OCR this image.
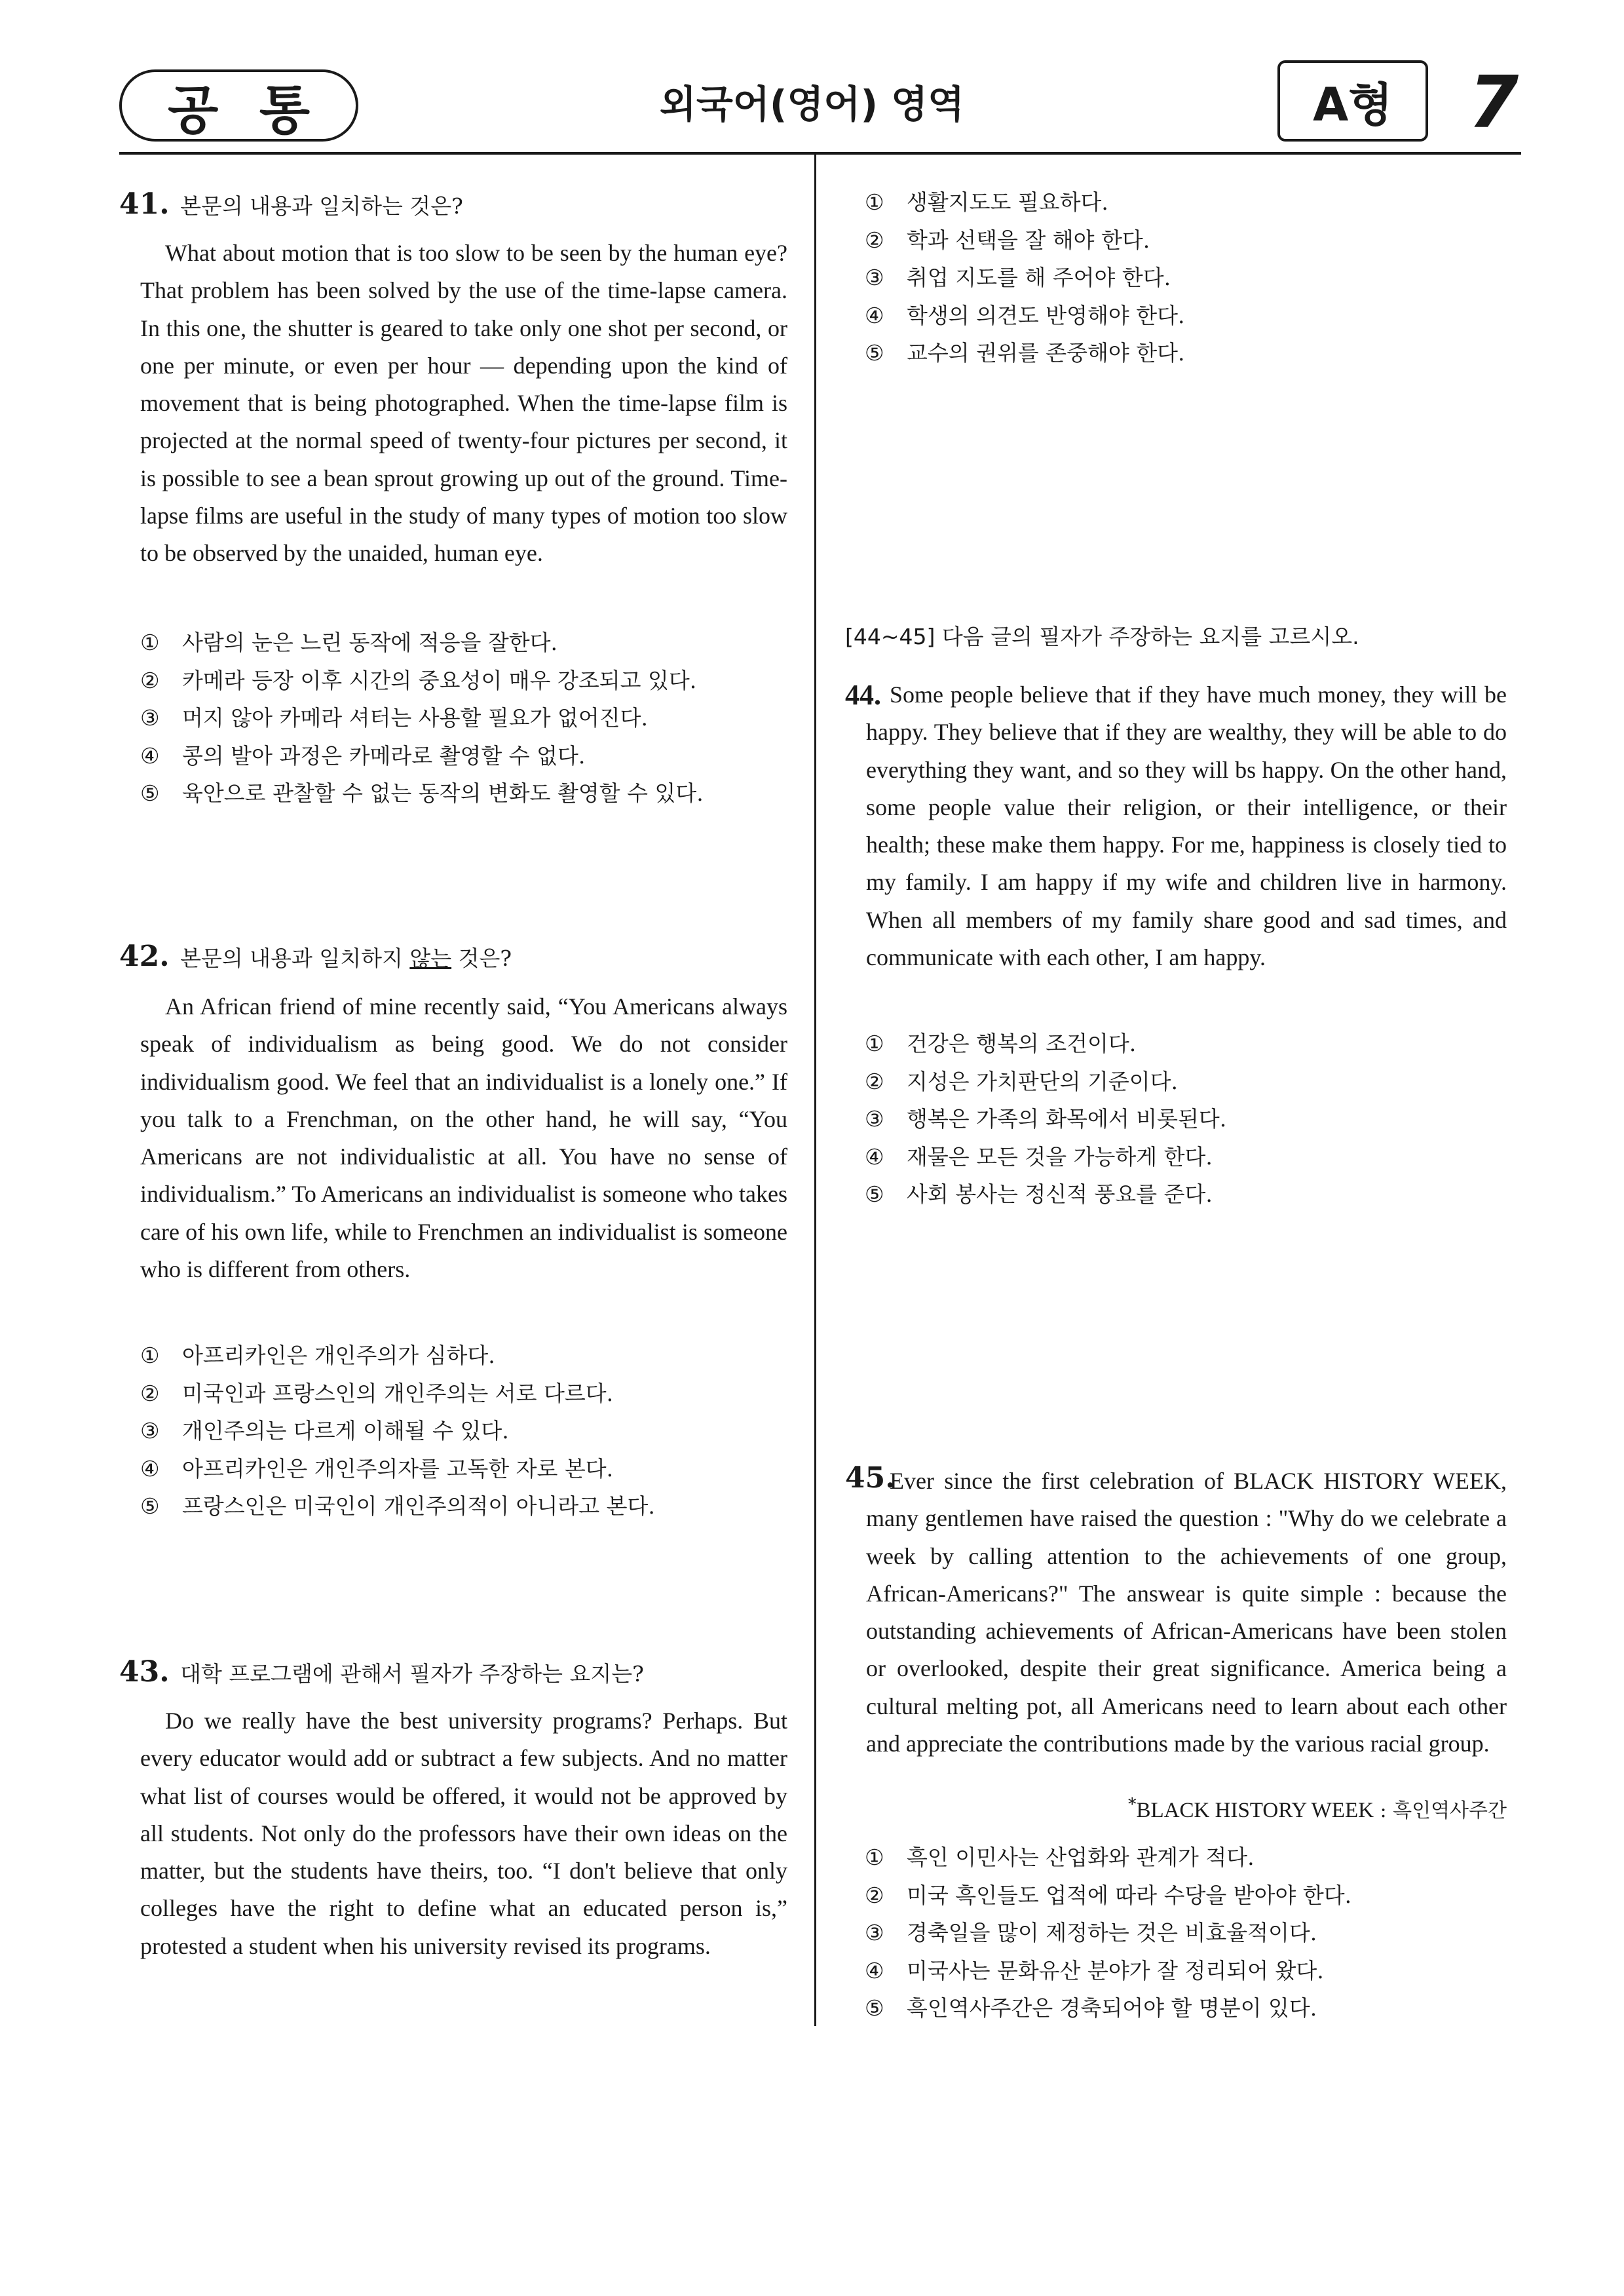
공 통	외국어(영어) 영역	A형 7
41. 본문의 내용과 일치하는 것은?
What about motion that is too slow to be seen by the human eye? That problem has been solved by the use of the time-lapse camera. In this one, the shutter is geared to take only one shot per second, or one per minute, or even per hour — depending upon the kind of movement that is being photographed. When the time-lapse film is projected at the normal speed of twenty-four pictures per second, it is possible to see a bean sprout growing up out of the ground. Time-lapse films are useful in the study of many types of motion too slow to be observed by the unaided, human eye.
① 사람의 눈은 느린 동작에 적응을 잘한다.
② 카메라 등장 이후 시간의 중요성이 매우 강조되고 있다.
③ 머지 않아 카메라 셔터는 사용할 필요가 없어진다.
④ 콩의 발아 과정은 카메라로 촬영할 수 없다.
⑤ 육안으로 관찰할 수 없는 동작의 변화도 촬영할 수 있다.
42. 본문의 내용과 일치하지 않는 것은?
An African friend of mine recently said, “You Americans always speak of individualism as being good. We do not consider individualism good. We feel that an individualist is a lonely one.” If you talk to a Frenchman, on the other hand, he will say, “You Americans are not individualistic at all. You have no sense of individualism.” To Americans an individualist is someone who takes care of his own life, while to Frenchmen an individualist is someone who is different from others.
① 아프리카인은 개인주의가 심하다.
② 미국인과 프랑스인의 개인주의는 서로 다르다.
③ 개인주의는 다르게 이해될 수 있다.
④ 아프리카인은 개인주의자를 고독한 자로 본다.
⑤ 프랑스인은 미국인이 개인주의적이 아니라고 본다.
43. 대학 프로그램에 관해서 필자가 주장하는 요지는?
Do we really have the best university programs? Perhaps. But every educator would add or subtract a few subjects. And no matter what list of courses would be offered, it would not be approved by all students. Not only do the professors have their own ideas on the matter, but the students have theirs, too. “I don't believe that only colleges have the right to define what an educated person is,” protested a student when his university revised its programs.
① 생활지도도 필요하다.
② 학과 선택을 잘 해야 한다.
③ 취업 지도를 해 주어야 한다.
④ 학생의 의견도 반영해야 한다.
⑤ 교수의 권위를 존중해야 한다.
[44~45] 다음 글의 필자가 주장하는 요지를 고르시오.
44. Some people believe that if they have much money, they will be happy. They believe that if they are wealthy, they will be able to do everything they want, and so they will bs happy. On the other hand, some people value their religion, or their intelligence, or their health; these make them happy. For me, happiness is closely tied to my family. I am happy if my wife and children live in harmony. When all members of my family share good and sad times, and communicate with each other, I am happy.
① 건강은 행복의 조건이다.
② 지성은 가치판단의 기준이다.
③ 행복은 가족의 화목에서 비롯된다.
④ 재물은 모든 것을 가능하게 한다.
⑤ 사회 봉사는 정신적 풍요를 준다.
45.
Ever since the first celebration of BLACK HISTORY WEEK, many gentlemen have raised the question : "Why do we celebrate a week by calling attention to the achievements of one group, African-Americans?" The answear is quite simple : because the outstanding achievements of African-Americans have been stolen or overlooked, despite their great significance. America being a cultural melting pot, all Americans need to learn about each other and appreciate the contributions made by the various racial group.
*BLACK HISTORY WEEK : 흑인역사주간
① 흑인 이민사는 산업화와 관계가 적다.
② 미국 흑인들도 업적에 따라 수당을 받아야 한다.
③ 경축일을 많이 제정하는 것은 비효율적이다.
④ 미국사는 문화유산 분야가 잘 정리되어 왔다.
⑤ 흑인역사주간은 경축되어야 할 명분이 있다.
